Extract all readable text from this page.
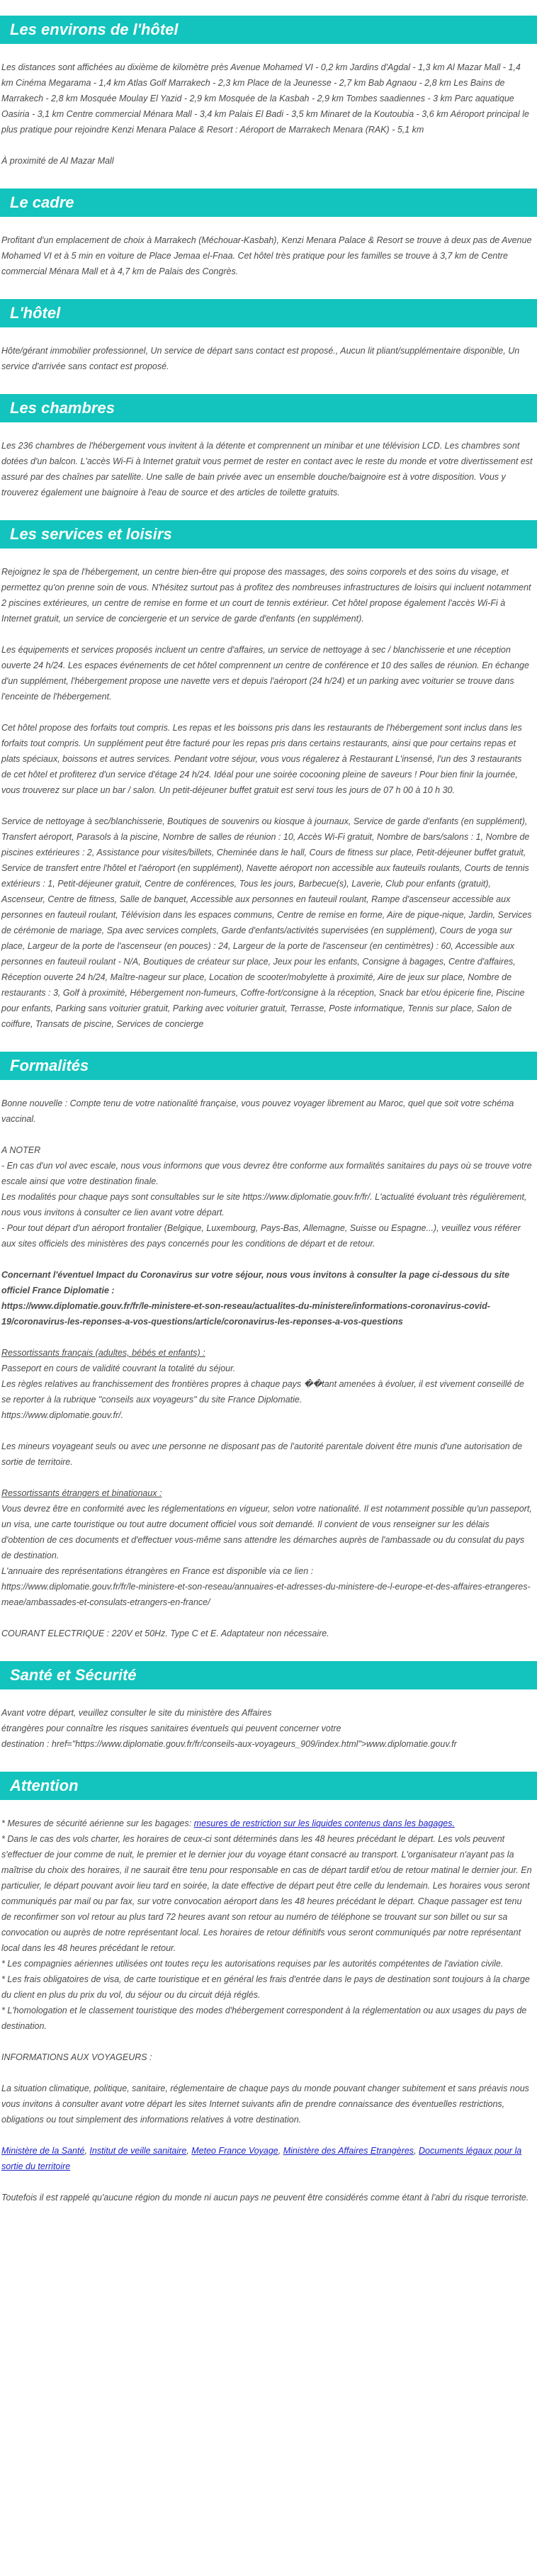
Les environs de l'hôtel

Les distances sont affichées au dixième de kilomètre près Avenue Mohamed VI - 0,2 km Jardins d'Agdal - 1,3 km Al Mazar Mall - 1,4 km Cinéma Megarama - 1,4 km Atlas Golf Marrakech - 2,3 km Place de la Jeunesse - 2,7 km Bab Agnaou - 2,8 km Les Bains de Marrakech - 2,8 km Mosquée Moulay El Yazid - 2,9 km Mosquée de la Kasbah - 2,9 km Tombes saadiennes - 3 km Parc aquatique Oasiria - 3,1 km Centre commercial Ménara Mall - 3,4 km Palais El Badi - 3,5 km Minaret de la Koutoubia - 3,6 km Aéroport principal le plus pratique pour rejoindre Kenzi Menara Palace & Resort : Aéroport de Marrakech Menara (RAK) - 5,1 km

À proximité de Al Mazar Mall

Le cadre

Profitant d'un emplacement de choix à Marrakech (Méchouar-Kasbah), Kenzi Menara Palace & Resort se trouve à deux pas de Avenue Mohamed VI et à 5 min en voiture de Place Jemaa el-Fnaa. Cet hôtel très pratique pour les familles se trouve à 3,7 km de Centre commercial Ménara Mall et à 4,7 km de Palais des Congrès.

L'hôtel

Hôte/gérant immobilier professionnel, Un service de départ sans contact est proposé., Aucun lit pliant/supplémentaire disponible, Un service d'arrivée sans contact est proposé.

Les chambres

Les 236 chambres de l'hébergement vous invitent à la détente et comprennent un minibar et une télévision LCD. Les chambres sont dotées d'un balcon. L'accès Wi-Fi à Internet gratuit vous permet de rester en contact avec le reste du monde et votre divertissement est assuré par des chaînes par satellite. Une salle de bain privée avec un ensemble douche/baignoire est à votre disposition. Vous y trouverez également une baignoire à l'eau de source et des articles de toilette gratuits.

Les services et loisirs

Rejoignez le spa de l'hébergement, un centre bien-être qui propose des massages, des soins corporels et des soins du visage, et permettez qu'on prenne soin de vous. N'hésitez surtout pas à profitez des nombreuses infrastructures de loisirs qui incluent notamment 2 piscines extérieures, un centre de remise en forme et un court de tennis extérieur. Cet hôtel propose également l'accès Wi-Fi à Internet gratuit, un service de conciergerie et un service de garde d'enfants (en supplément).

Les équipements et services proposés incluent un centre d'affaires, un service de nettoyage à sec / blanchisserie et une réception ouverte 24 h/24. Les espaces événements de cet hôtel comprennent un centre de conférence et 10 des salles de réunion. En échange d'un supplément, l'hébergement propose une navette vers et depuis l'aéroport (24 h/24) et un parking avec voiturier se trouve dans l'enceinte de l'hébergement.

Cet hôtel propose des forfaits tout compris. Les repas et les boissons pris dans les restaurants de l'hébergement sont inclus dans les forfaits tout compris. Un supplément peut être facturé pour les repas pris dans certains restaurants, ainsi que pour certains repas et plats spéciaux, boissons et autres services. Pendant votre séjour, vous vous régalerez à Restaurant L'insensé, l'un des 3 restaurants de cet hôtel et profiterez d'un service d'étage 24 h/24. Idéal pour une soirée cocooning pleine de saveurs ! Pour bien finir la journée, vous trouverez sur place un bar / salon. Un petit-déjeuner buffet gratuit est servi tous les jours de 07 h 00 à 10 h 30.

Service de nettoyage à sec/blanchisserie, Boutiques de souvenirs ou kiosque à journaux, Service de garde d'enfants (en supplément), Transfert aéroport, Parasols à la piscine, Nombre de salles de réunion : 10, Accès Wi-Fi gratuit, Nombre de bars/salons : 1, Nombre de piscines extérieures : 2, Assistance pour visites/billets, Cheminée dans le hall, Cours de fitness sur place, Petit-déjeuner buffet gratuit, Service de transfert entre l'hôtel et l'aéroport (en supplément), Navette aéroport non accessible aux fauteuils roulants, Courts de tennis extérieurs : 1, Petit-déjeuner gratuit, Centre de conférences, Tous les jours, Barbecue(s), Laverie, Club pour enfants (gratuit), Ascenseur, Centre de fitness, Salle de banquet, Accessible aux personnes en fauteuil roulant, Rampe d'ascenseur accessible aux personnes en fauteuil roulant, Télévision dans les espaces communs, Centre de remise en forme, Aire de pique-nique, Jardin, Services de cérémonie de mariage, Spa avec services complets, Garde d'enfants/activités supervisées (en supplément), Cours de yoga sur place, Largeur de la porte de l'ascenseur (en pouces) : 24, Largeur de la porte de l'ascenseur (en centimètres) : 60, Accessible aux personnes en fauteuil roulant - N/A, Boutiques de créateur sur place, Jeux pour les enfants, Consigne à bagages, Centre d'affaires, Réception ouverte 24 h/24, Maître-nageur sur place, Location de scooter/mobylette à proximité, Aire de jeux sur place, Nombre de restaurants : 3, Golf à proximité, Hébergement non-fumeurs, Coffre-fort/consigne à la réception, Snack bar et/ou épicerie fine, Piscine pour enfants, Parking sans voiturier gratuit, Parking avec voiturier gratuit, Terrasse, Poste informatique, Tennis sur place, Salon de coiffure, Transats de piscine, Services de concierge

Formalités

Bonne nouvelle : Compte tenu de votre nationalité française, vous pouvez voyager librement au Maroc, quel que soit votre schéma vaccinal.

A NOTER

- En cas d'un vol avec escale, nous vous informons que vous devrez être conforme aux formalités sanitaires du pays où se trouve votre escale ainsi que votre destination finale.
Les modalités pour chaque pays sont consultables sur le site https://www.diplomatie.gouv.fr/fr/. L'actualité évoluant très régulièrement, nous vous invitons à consulter ce lien avant votre départ.
- Pour tout départ d'un aéroport frontalier (Belgique, Luxembourg, Pays-Bas, Allemagne, Suisse ou Espagne...), veuillez vous référer aux sites officiels des ministères des pays concernés pour les conditions de départ et de retour.

Concernant l'éventuel Impact du Coronavirus sur votre séjour, nous vous invitons à consulter la page ci-dessous du site officiel France Diplomatie :
https://www.diplomatie.gouv.fr/fr/le-ministere-et-son-reseau/actualites-du-ministere/informations-coronavirus-covid-19/coronavirus-les-reponses-a-vos-questions/article/coronavirus-les-reponses-a-vos-questions

Ressortissants français (adultes, bébés et enfants) :

Passeport en cours de validité couvrant la totalité du séjour.
Les règles relatives au franchissement des frontières propres à chaque pays ��tant amenées à évoluer, il est vivement conseillé de se reporter à la rubrique "conseils aux voyageurs" du site France Diplomatie.
https://www.diplomatie.gouv.fr/.

Les mineurs voyageant seuls ou avec une personne ne disposant pas de l'autorité parentale doivent être munis d'une autorisation de sortie de territoire.

Ressortissants étrangers et binationaux :

Vous devrez être en conformité avec les réglementations en vigueur, selon votre nationalité. Il est notamment possible qu'un passeport, un visa, une carte touristique ou tout autre document officiel vous soit demandé. Il convient de vous renseigner sur les délais d'obtention de ces documents et d'effectuer vous-même sans attendre les démarches auprès de l'ambassade ou du consulat du pays de destination.
L'annuaire des représentations étrangères en France est disponible via ce lien :
https://www.diplomatie.gouv.fr/fr/le-ministere-et-son-reseau/annuaires-et-adresses-du-ministere-de-l-europe-et-des-affaires-etrangeres-meae/ambassades-et-consulats-etrangers-en-france/

COURANT ELECTRIQUE : 220V et 50Hz. Type C et E. Adaptateur non nécessaire.

Santé et Sécurité

Avant votre départ, veuillez consulter le site du ministère des Affaires
étrangères pour connaître les risques sanitaires éventuels qui peuvent concerner votre
destination : href="https://www.diplomatie.gouv.fr/fr/conseils-aux-voyageurs_909/index.html">www.diplomatie.gouv.fr

Attention

* Mesures de sécurité aérienne sur les bagages: mesures de restriction sur les liquides contenus dans les bagages.

* Dans le cas des vols charter, les horaires de ceux-ci sont déterminés dans les 48 heures précédant le départ. Les vols peuvent s'effectuer de jour comme de nuit, le premier et le dernier jour du voyage étant consacré au transport. L'organisateur n'ayant pas la maîtrise du choix des horaires, il ne saurait être tenu pour responsable en cas de départ tardif et/ou de retour matinal le dernier jour. En particulier, le départ pouvant avoir lieu tard en soirée, la date effective de départ peut être celle du lendemain. Les horaires vous seront communiqués par mail ou par fax, sur votre convocation aéroport dans les 48 heures précédant le départ. Chaque passager est tenu de reconfirmer son vol retour au plus tard 72 heures avant son retour au numéro de téléphone se trouvant sur son billet ou sur sa convocation ou auprès de notre représentant local. Les horaires de retour définitifs vous seront communiqués par notre représentant local dans les 48 heures précédant le retour.
* Les compagnies aériennes utilisées ont toutes reçu les autorisations requises par les autorités compétentes de l'aviation civile.
* Les frais obligatoires de visa, de carte touristique et en général les frais d'entrée dans le pays de destination sont toujours à la charge du client en plus du prix du vol, du séjour ou du circuit déjà réglés.
* L'homologation et le classement touristique des modes d'hébergement correspondent à la réglementation ou aux usages du pays de destination.

INFORMATIONS AUX VOYAGEURS :

La situation climatique, politique, sanitaire, réglementaire de chaque pays du monde pouvant changer subitement et sans préavis nous vous invitons à consulter avant votre départ les sites Internet suivants afin de prendre connaissance des éventuelles restrictions, obligations ou tout simplement des informations relatives à votre destination.

Ministère de la Santé, Institut de veille sanitaire, Meteo France Voyage, Ministère des Affaires Etrangères, Documents légaux pour la sortie du territoire

Toutefois il est rappelé qu'aucune région du monde ni aucun pays ne peuvent être considérés comme étant à l'abri du risque terroriste.
